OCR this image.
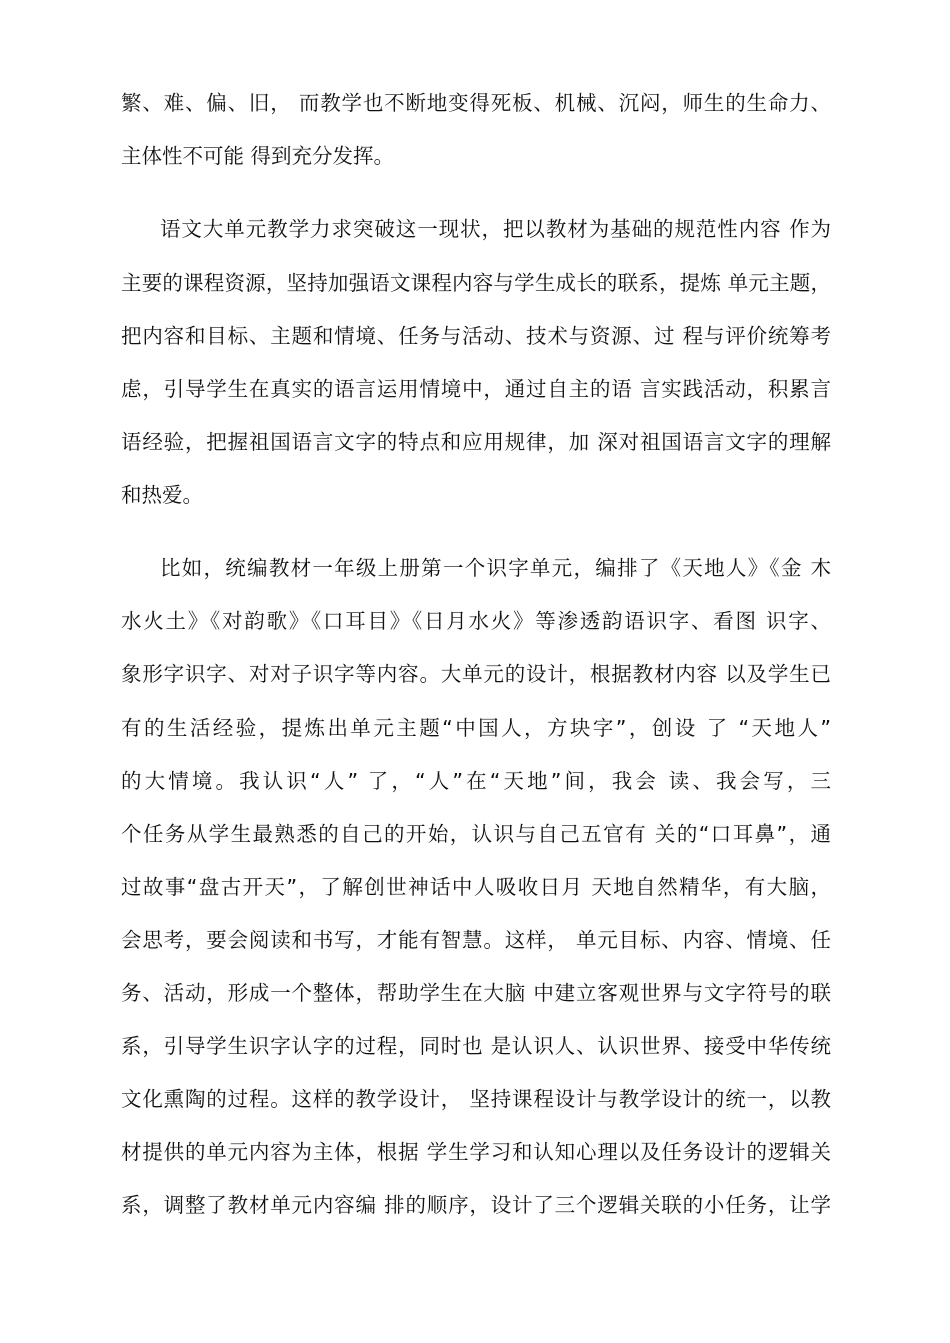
繁、难、偏、旧， 而教学也不断地变得死板、机械、沉闷，师生的生命力、
主体性不可能 得到充分发挥。
语文大单元教学力求突破这一现状，把以教材为基础的规范性内容 作为
主要的课程资源，坚持加强语文课程内容与学生成长的联系，提炼 单元主题，
把内容和目标、主题和情境、任务与活动、技术与资源、过 程与评价统筹考
虑，引导学生在真实的语言运用情境中，通过自主的语 言实践活动，积累言
语经验，把握祖国语言文字的特点和应用规律，加 深对祖国语言文字的理解
和热爱。
比如，统编教材一年级上册第一个识字单元，编排了《天地人》《金 木
水火土》《对韵歌》《口耳目》《日月水火》等渗透韵语识字、看图 识字、
象形字识字、对对子识字等内容。大单元的设计，根据教材内容 以及学生已
有的生活经验，提炼出单元主题“中国人，方块字”，创设 了 “天地人”
的大情境。我认识“人” 了，“人”在“天地”间，我会 读、我会写，三
个任务从学生最熟悉的自己的开始，认识与自己五官有 关的“口耳鼻”，通
过故事“盘古开天”，了解创世神话中人吸收日月 天地自然精华，有大脑，
会思考，要会阅读和书写，才能有智慧。这样， 单元目标、内容、情境、任
务、活动，形成一个整体，帮助学生在大脑 中建立客观世界与文字符号的联
系，引导学生识字认字的过程，同时也 是认识人、认识世界、接受中华传统
文化熏陶的过程。这样的教学设计， 坚持课程设计与教学设计的统一，以教
材提供的单元内容为主体，根据 学生学习和认知心理以及任务设计的逻辑关
系，调整了教材单元内容编 排的顺序，设计了三个逻辑关联的小任务，让学
